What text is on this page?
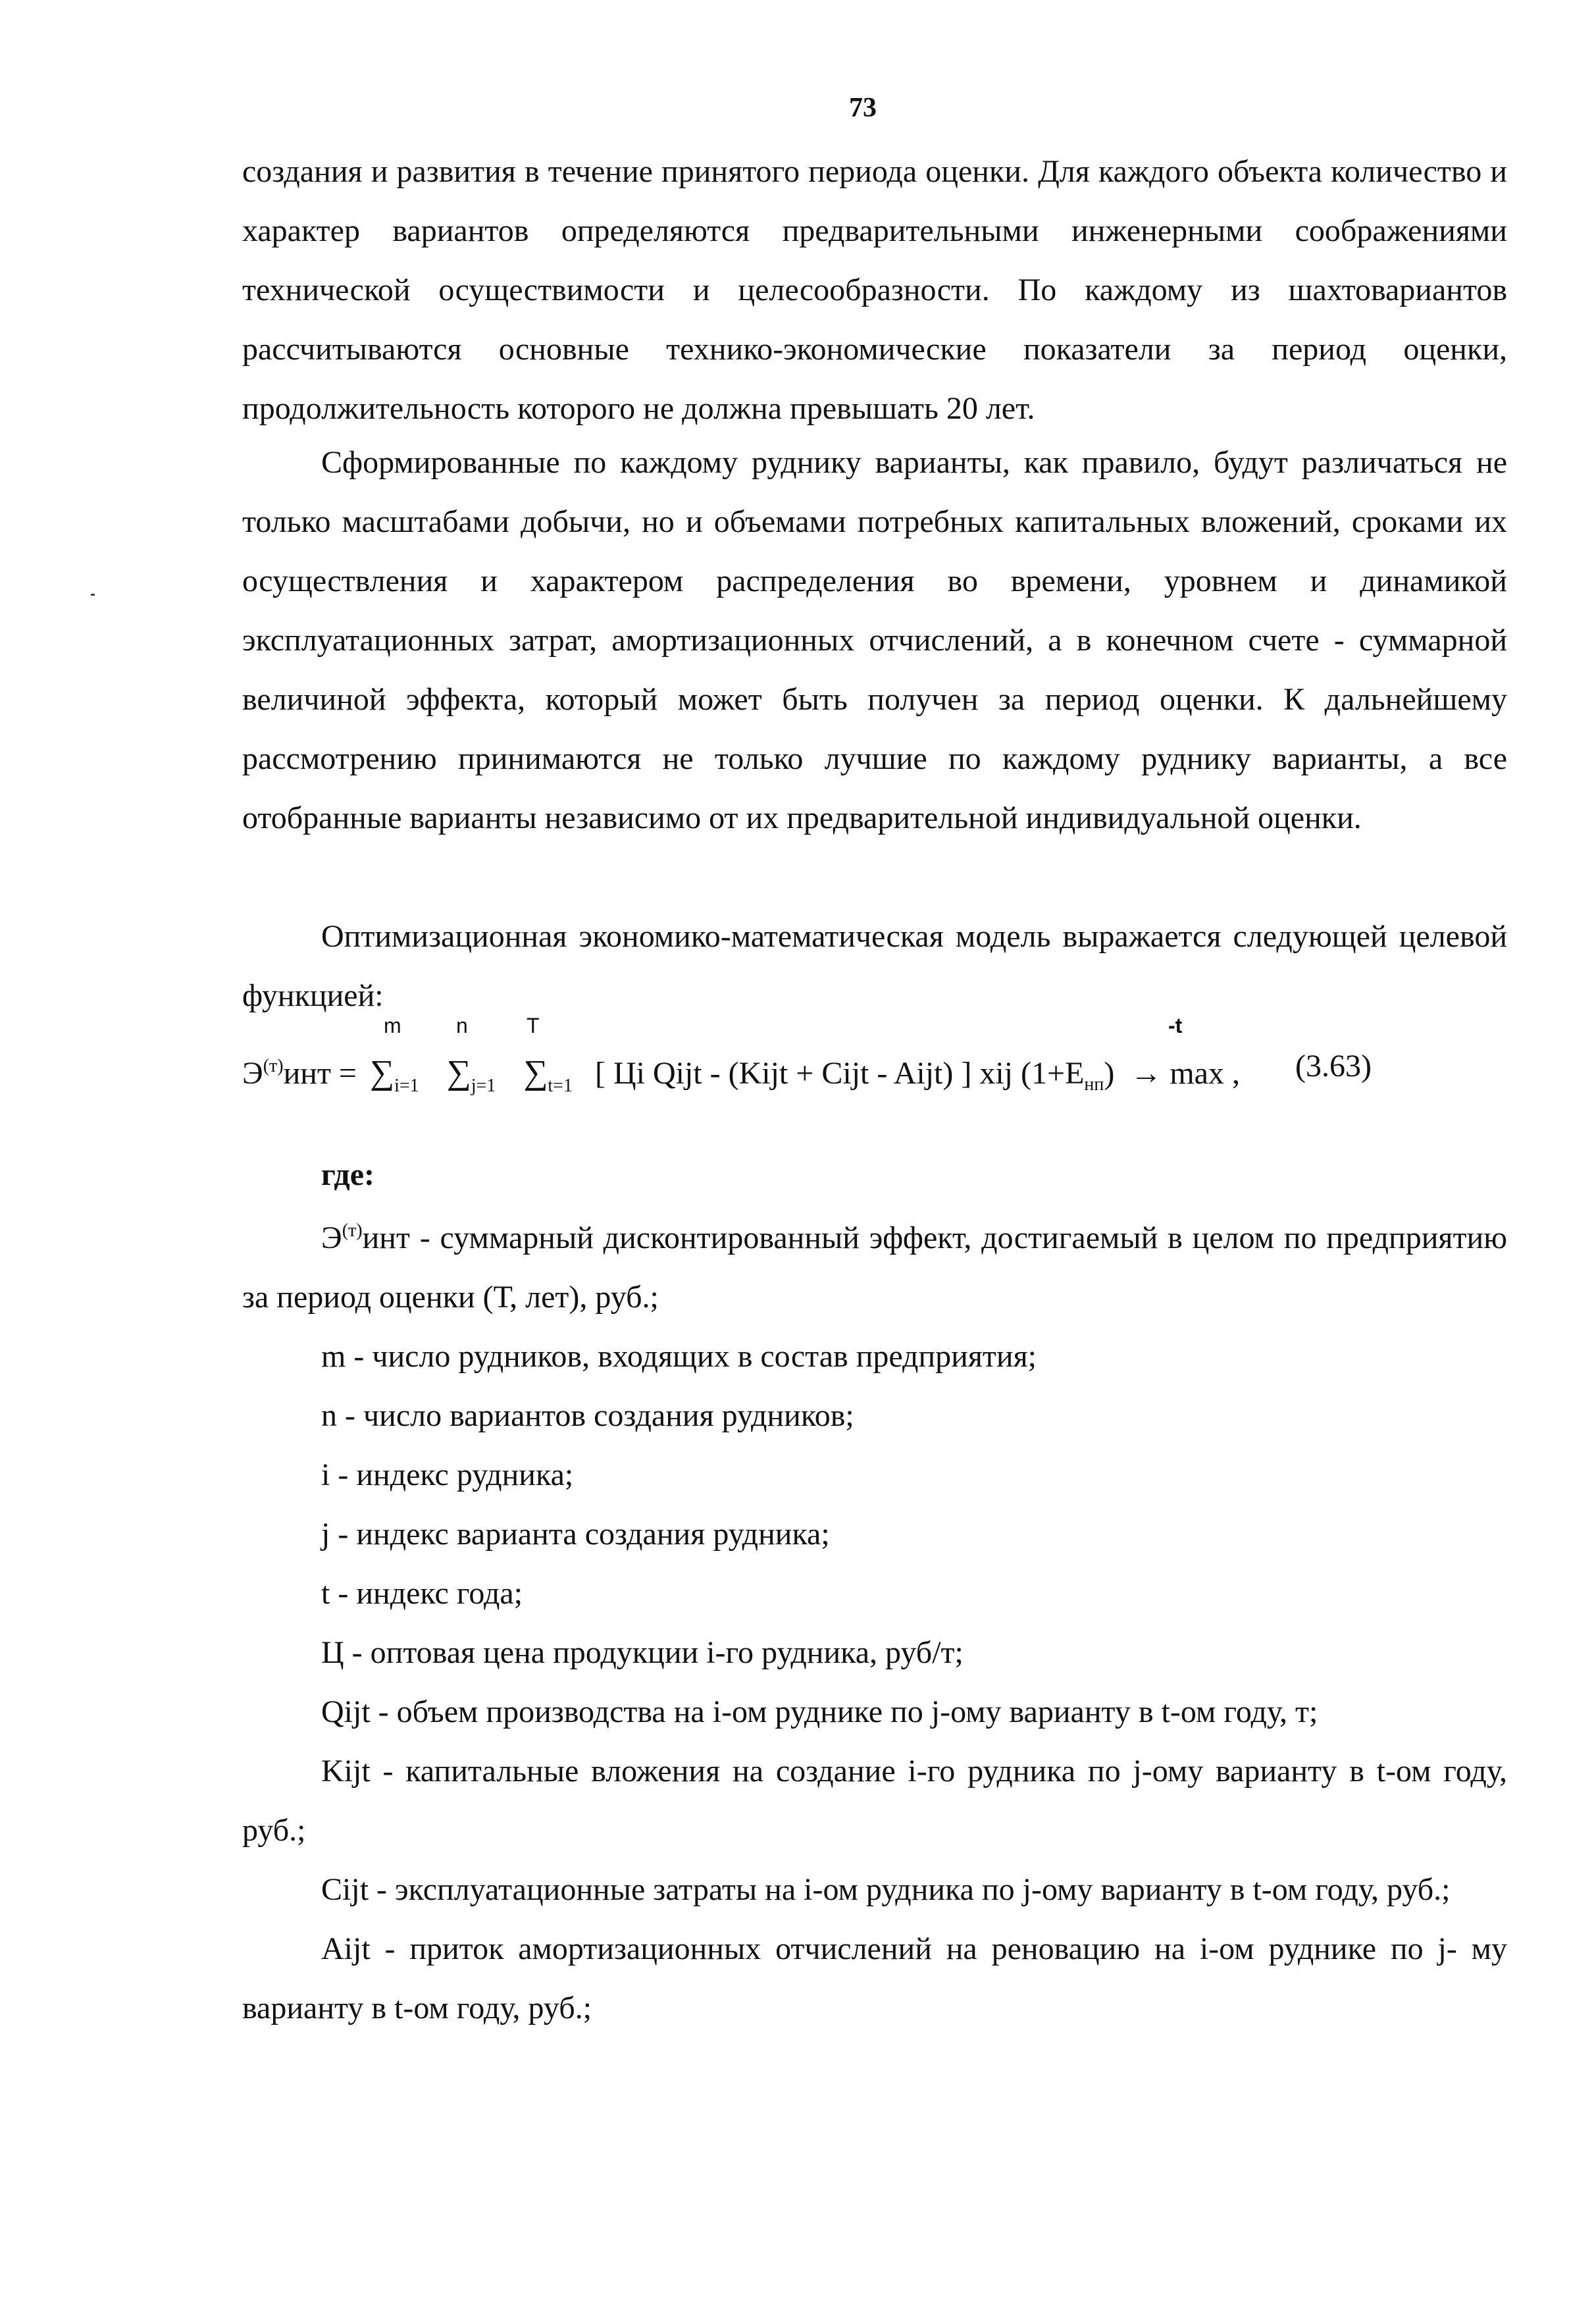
73

создания и развития в течение принятого периода оценки. Для каждого объекта количество и характер вариантов определяются предварительными инженерными соображениями технической осуществимости и целесообразности. По каждому из шахтовариантов рассчитываются основные технико-экономические показатели за период оценки, продолжительность которого не должна превышать 20 лет.

Сформированные по каждому руднику варианты, как правило, будут различаться не только масштабами добычи, но и объемами потребных капитальных вложений, сроками их осуществления и характером распределения во времени, уровнем и динамикой эксплуатационных затрат, амортизационных отчислений, а в конечном счете - суммарной величиной эффекта, который может быть получен за период оценки. К дальнейшему рассмотрению принимаются не только лучшие по каждому руднику варианты, а все отобранные варианты независимо от их предварительной индивидуальной оценки.

Оптимизационная экономико-математическая модель выражается следующей целевой функцией:

m	n	T	-t
$Э^{(т)}инт = \sum_{i=1}$ $\sum_{j=1}$ $\sum_{t=1}$ [ Цi Qijt - (Kijt + Cijt - Aijt) ] xij $(1+E_{нп}) \to \max$ , (3.63)
где:

$Э^{(т)}инт$ - суммарный дисконтированный эффект, достигаемый в целом по предприятию за период оценки (Т, лет), руб.;

m - число рудников, входящих в состав предприятия;

n - число вариантов создания рудников;

i - индекс рудника;

j - индекс варианта создания рудника;

t - индекс года;

Ц - оптовая цена продукции i-го рудника, руб/т;

Qijt - объем производства на i-ом руднике по j-ому варианту в t-ом году, т;

Kijt - капитальные вложения на создание i-го рудника по j-ому варианту в t-ом году, руб.;

Cijt - эксплуатационные затраты на i-ом рудника по j-ому варианту в t-ом году, руб.;

Aijt - приток амортизационных отчислений на реновацию на i-ом руднике по j- му варианту в t-ом году, руб.;
